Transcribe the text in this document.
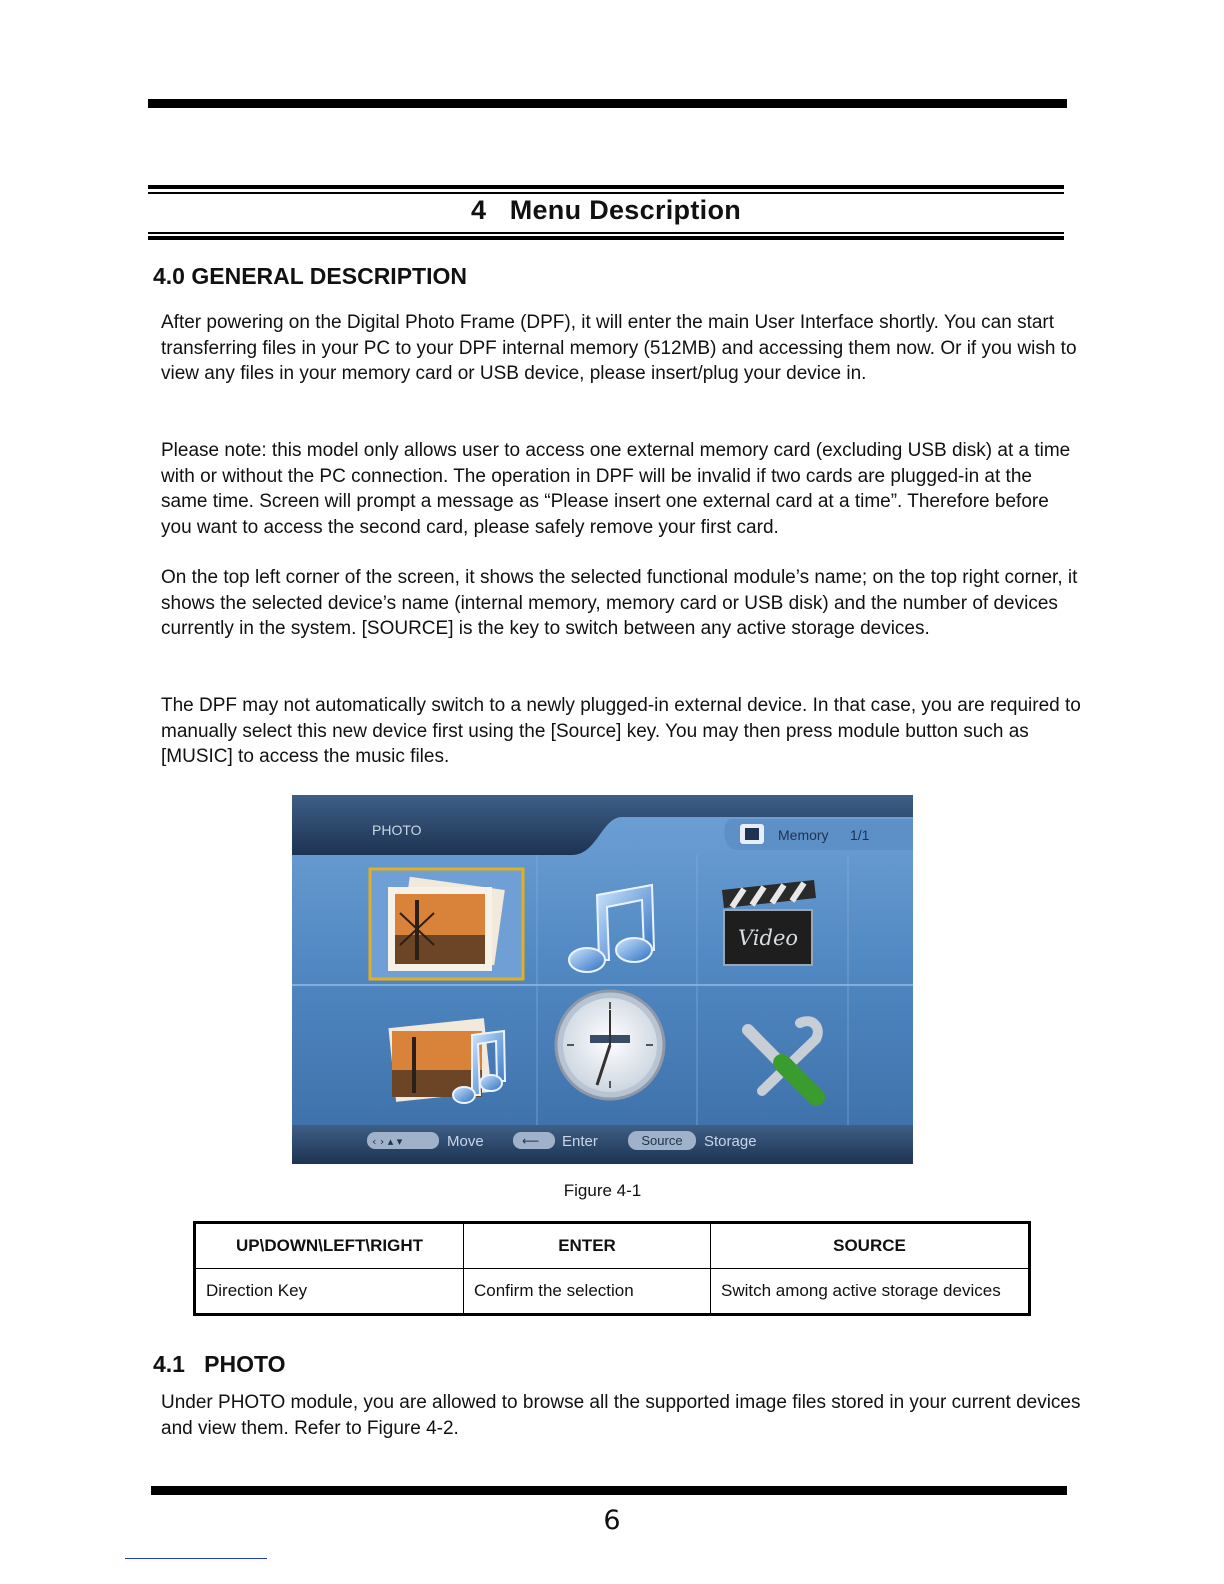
4 Menu Description
4.0 GENERAL DESCRIPTION

After powering on the Digital Photo Frame (DPF), it will enter the main User Interface shortly. You can start transferring files in your PC to your DPF internal memory (512MB) and accessing them now. Or if you wish to view any files in your memory card or USB device, please insert/plug your device in.

Please note: this model only allows user to access one external memory card (excluding USB disk) at a time with or without the PC connection. The operation in DPF will be invalid if two cards are plugged-in at the same time. Screen will prompt a message as “Please insert one external card at a time”. Therefore before you want to access the second card, please safely remove your first card.

On the top left corner of the screen, it shows the selected functional module’s name; on the top right corner, it shows the selected device’s name (internal memory, memory card or USB disk) and the number of devices currently in the system. [SOURCE] is the key to switch between any active storage devices.

The DPF may not automatically switch to a newly plugged-in external device. In that case, you are required to manually select this new device first using the [Source] key. You may then press module button such as [MUSIC] to access the music files.

PHOTO	Memory 1/1
Video
‹ › ▴ ▾	Move	⟵ Enter	Source Storage
Figure 4-1
UP\DOWN\LEFT\RIGHT	ENTER	SOURCE
Direction Key	Confirm the selection	Switch among active storage devices
4.1   PHOTO

Under PHOTO module, you are allowed to browse all the supported image files stored in your current devices and view them. Refer to Figure 4-2.

6
